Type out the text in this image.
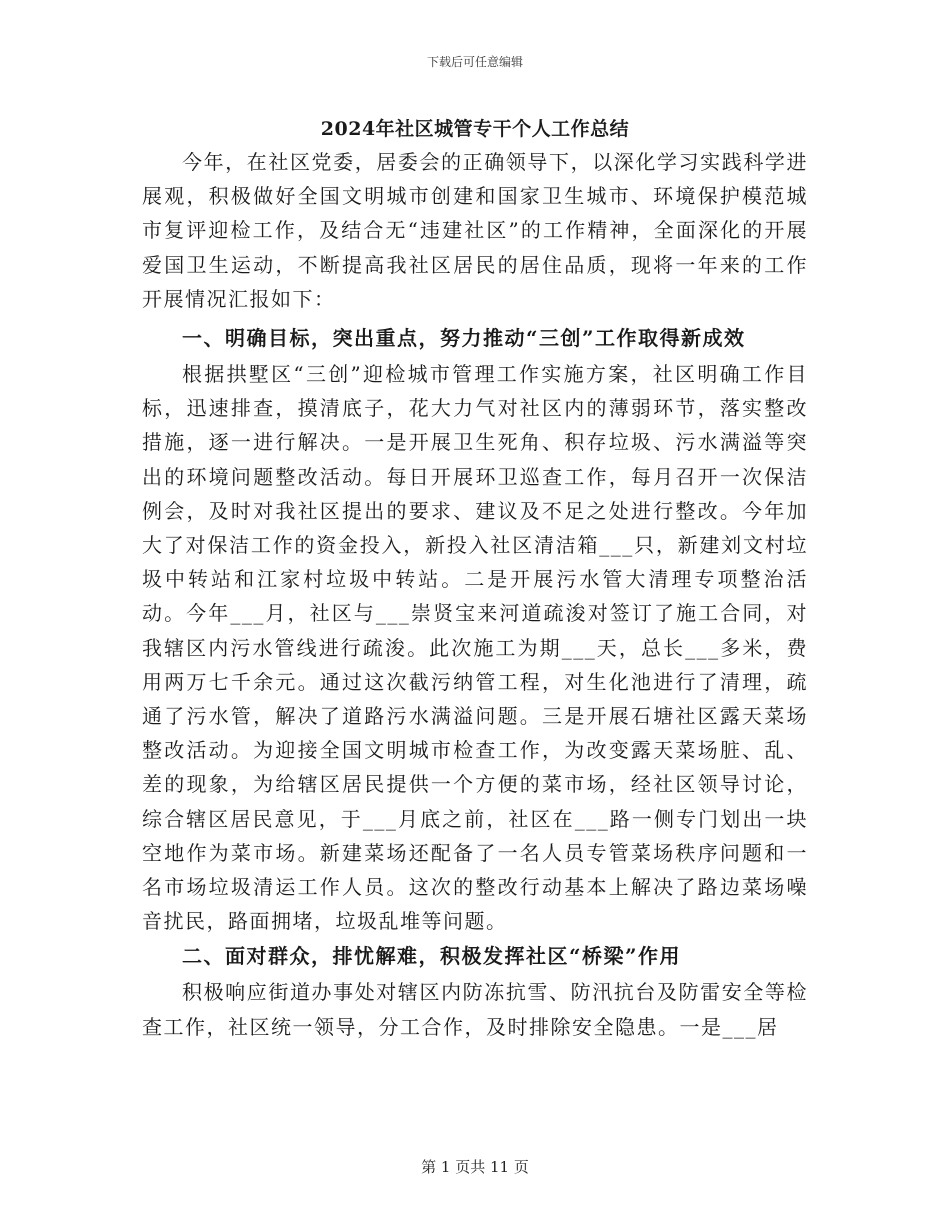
下载后可任意编辑
2024年社区城管专干个人工作总结

今年，在社区党委，居委会的正确领导下，以深化学习实践科学进展观，积极做好全国文明城市创建和国家卫生城市、环境保护模范城市复评迎检工作，及结合无“违建社区”的工作精神，全面深化的开展爱国卫生运动，不断提高我社区居民的居住品质，现将一年来的工作开展情况汇报如下：

一、明确目标，突出重点，努力推动“三创”工作取得新成效

根据拱墅区“三创”迎检城市管理工作实施方案，社区明确工作目标，迅速排查，摸清底子，花大力气对社区内的薄弱环节，落实整改措施，逐一进行解决。一是开展卫生死角、积存垃圾、污水满溢等突出的环境问题整改活动。每日开展环卫巡查工作，每月召开一次保洁例会，及时对我社区提出的要求、建议及不足之处进行整改。今年加大了对保洁工作的资金投入，新投入社区清洁箱___只，新建刘文村垃圾中转站和江家村垃圾中转站。二是开展污水管大清理专项整治活动。今年___月，社区与___崇贤宝来河道疏浚对签订了施工合同，对我辖区内污水管线进行疏浚。此次施工为期___天，总长___多米，费用两万七千余元。通过这次截污纳管工程，对生化池进行了清理，疏通了污水管，解决了道路污水满溢问题。三是开展石塘社区露天菜场整改活动。为迎接全国文明城市检查工作，为改变露天菜场脏、乱、差的现象，为给辖区居民提供一个方便的菜市场，经社区领导讨论，综合辖区居民意见，于___月底之前，社区在___路一侧专门划出一块空地作为菜市场。新建菜场还配备了一名人员专管菜场秩序问题和一名市场垃圾清运工作人员。这次的整改行动基本上解决了路边菜场噪音扰民，路面拥堵，垃圾乱堆等问题。

二、面对群众，排忧解难，积极发挥社区“桥梁”作用

积极响应街道办事处对辖区内防冻抗雪、防汛抗台及防雷安全等检查工作，社区统一领导，分工合作，及时排除安全隐患。一是___居

第 1 页共 11 页
